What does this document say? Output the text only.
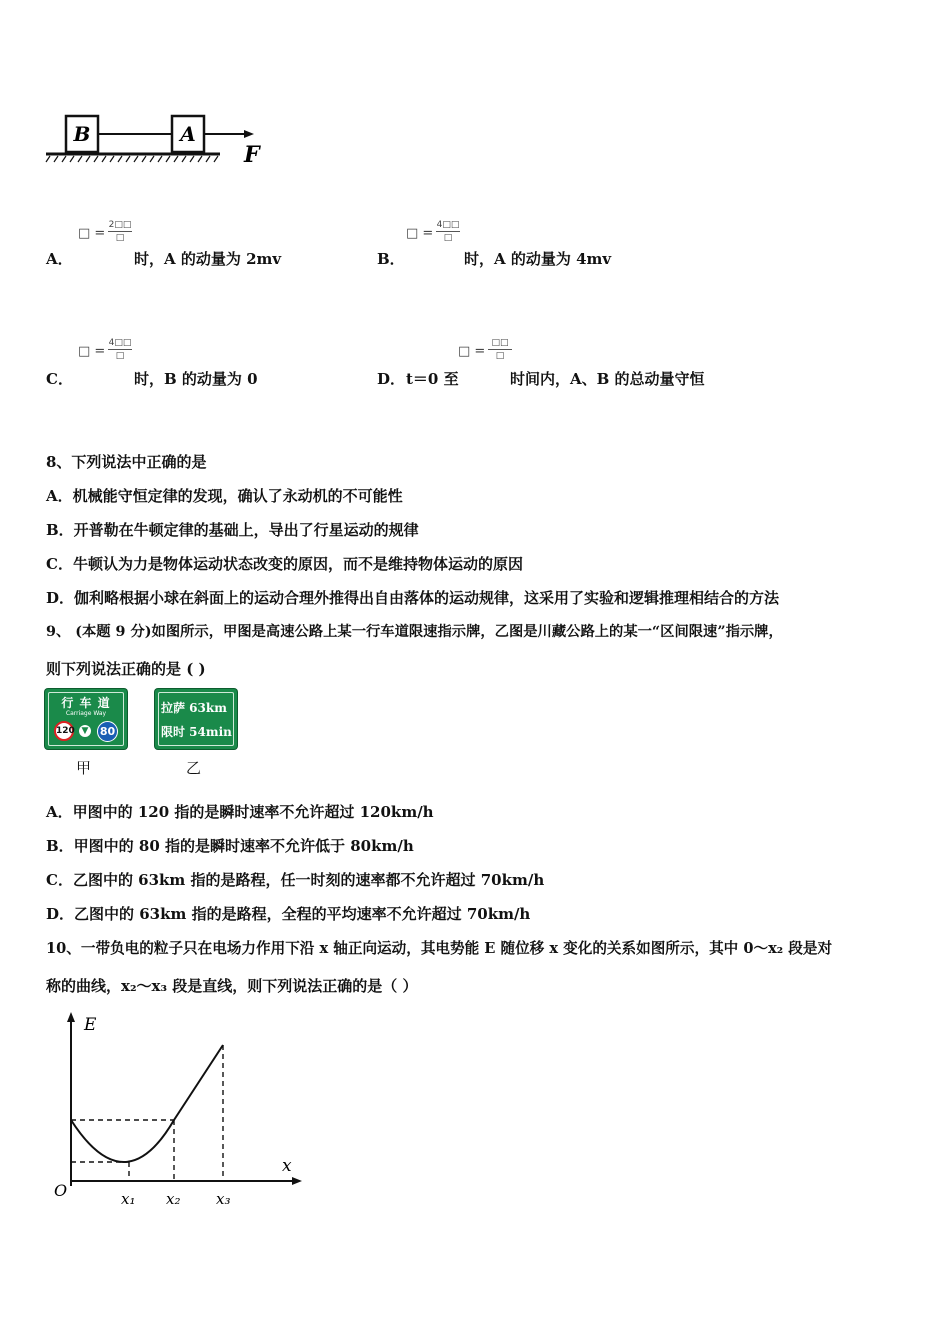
B	A
F
□ =
2□□
□
A．	时，A 的动量为 2mv
□ =
4□□
□
B．	时，A 的动量为 4mv
□ =
4□□
□
C．	时，B 的动量为 0
□ =
□□
□
D． t＝0 至	时间内，A、B 的总动量守恒
8、下列说法中正确的是
A．机械能守恒定律的发现，确认了永动机的不可能性
B．开普勒在牛顿定律的基础上，导出了行星运动的规律
C．牛顿认为力是物体运动状态改变的原因，而不是维持物体运动的原因
D．伽利略根据小球在斜面上的运动合理外推得出自由落体的运动规律，这采用了实验和逻辑推理相结合的方法
9、 (本题 9 分)如图所示，甲图是高速公路上某一行车道限速指示牌，乙图是川藏公路上的某一“区间限速”指示牌，
则下列说法正确的是 ( )
行 车 道
Carriage Way
120 ▼ 80
甲
拉萨 63km
限时 54min
乙
A．甲图中的 120 指的是瞬时速率不允许超过 120km/h
B．甲图中的 80 指的是瞬时速率不允许低于 80km/h
C．乙图中的 63km 指的是路程，任一时刻的速率都不允许超过 70km/h
D．乙图中的 63km 指的是路程，全程的平均速率不允许超过 70km/h
10、一带负电的粒子只在电场力作用下沿 x 轴正向运动，其电势能 E 随位移 x 变化的关系如图所示，其中 0～x₂ 段是对
称的曲线，x₂～x₃ 段是直线，则下列说法正确的是（ ）
E
x
O	x₁ x₂ x₃
